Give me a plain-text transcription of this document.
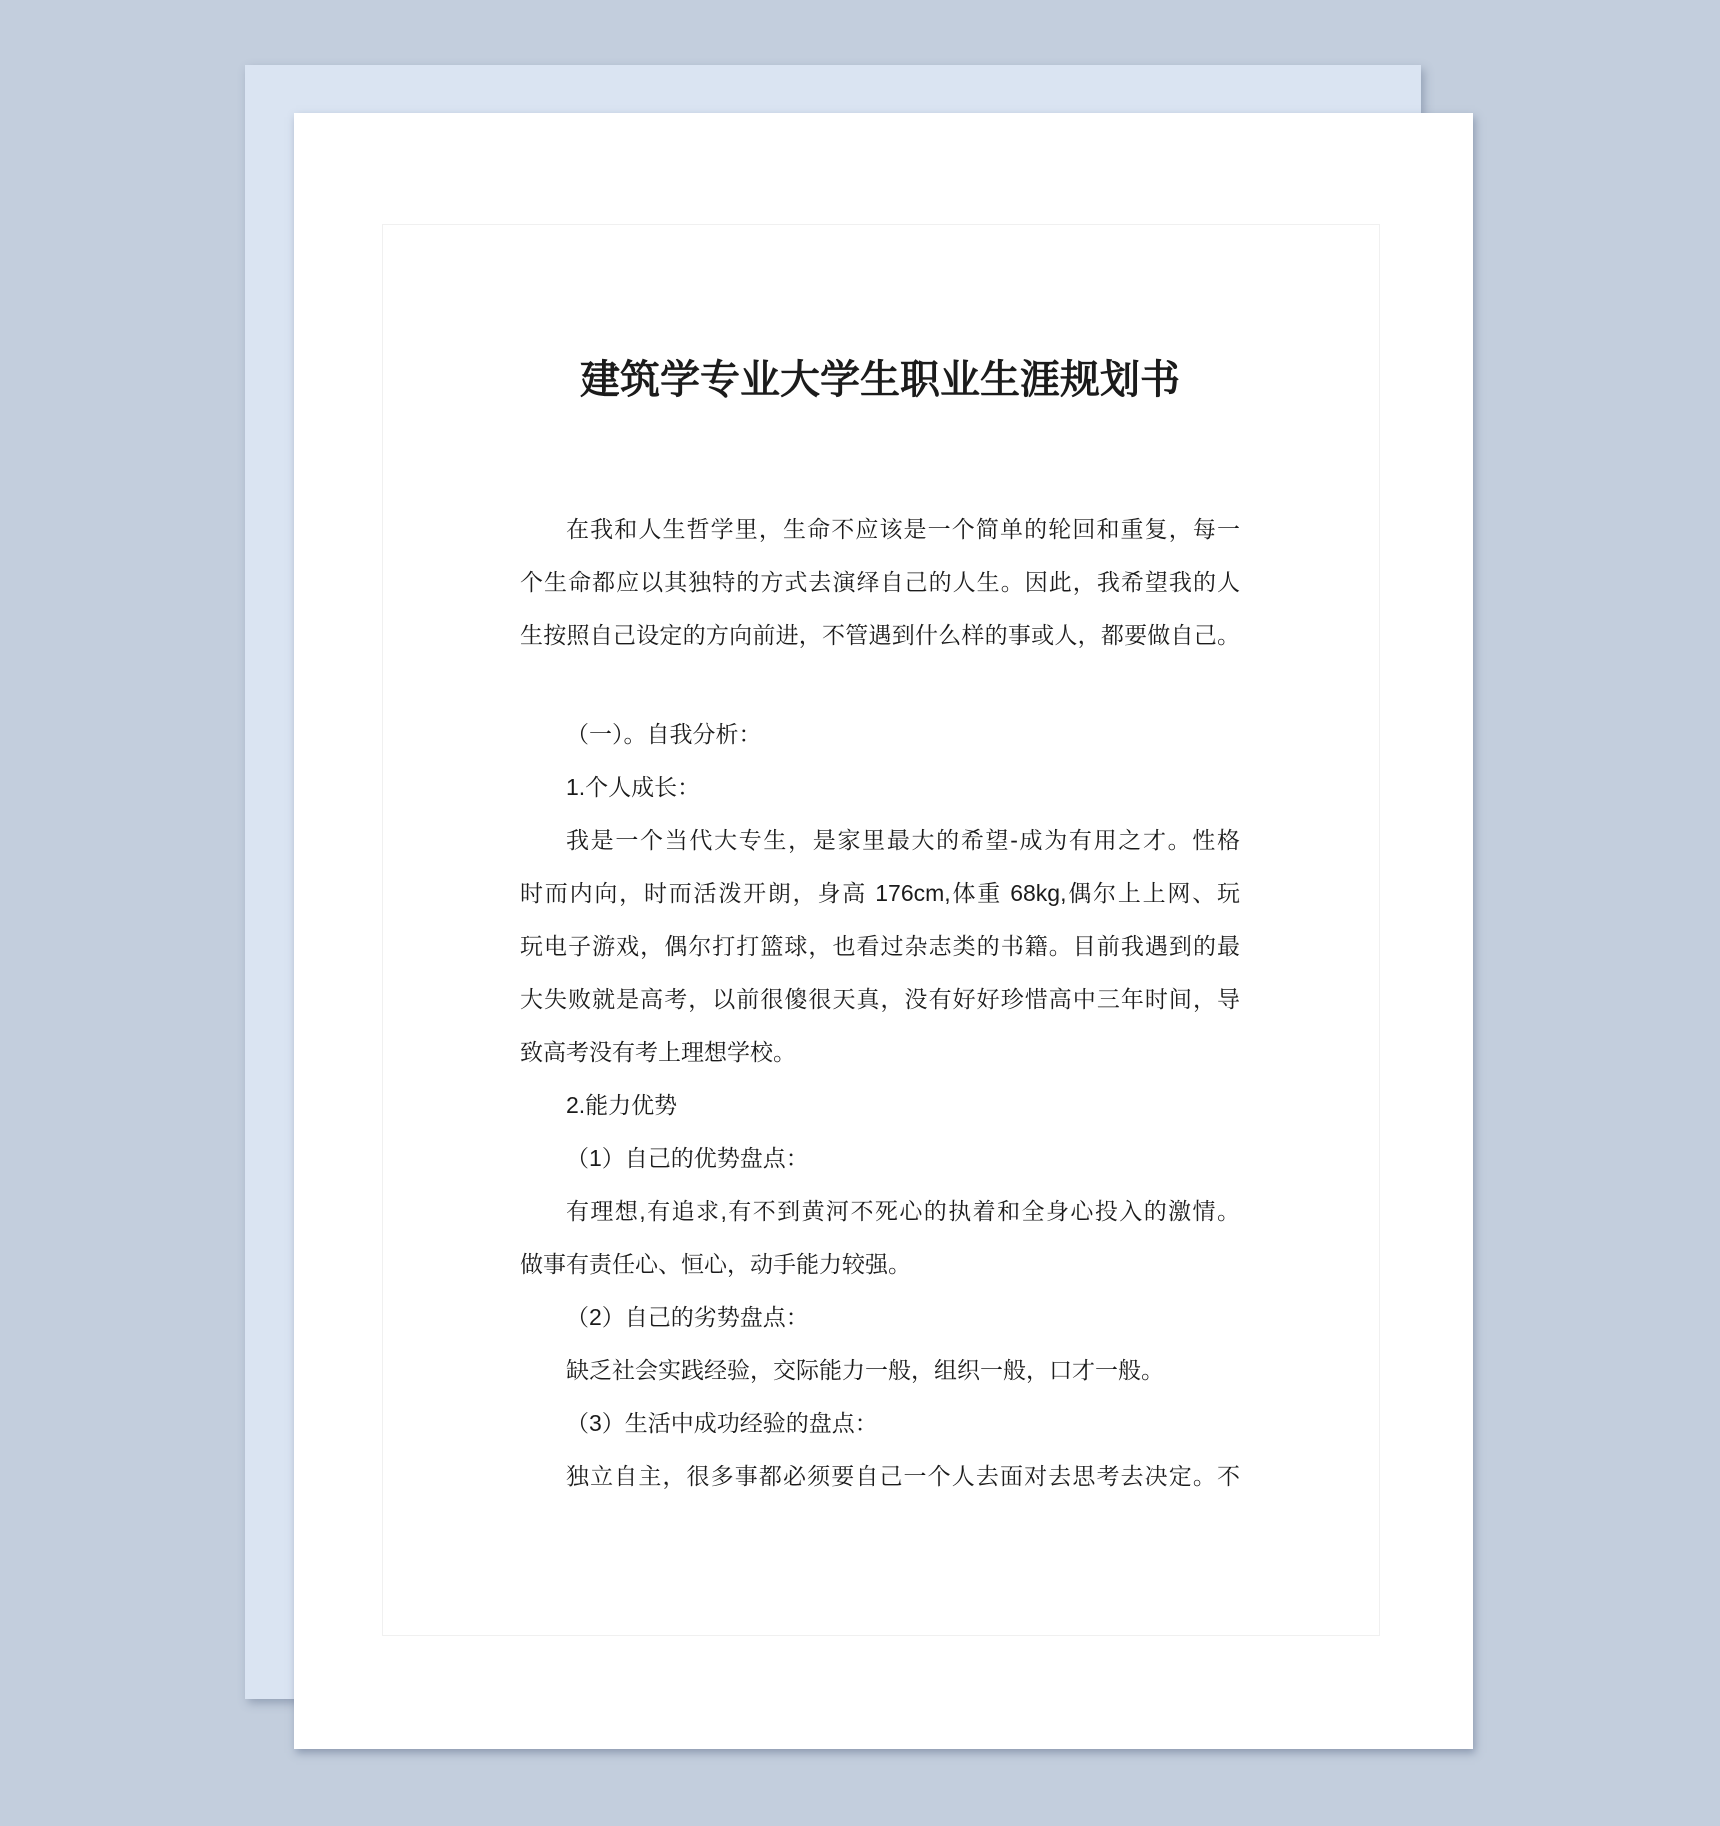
建筑学专业大学生职业生涯规划书
在我和人生哲学里，生命不应该是一个简单的轮回和重复，每一
个生命都应以其独特的方式去演绎自己的人生。因此，我希望我的人
生按照自己设定的方向前进，不管遇到什么样的事或人，都要做自己。
（一）。自我分析：
1.个人成长：
我是一个当代大专生，是家里最大的希望-成为有用之才。性格
时而内向，时而活泼开朗，身高 176cm,体重 68kg,偶尔上上网、玩
玩电子游戏，偶尔打打篮球，也看过杂志类的书籍。目前我遇到的最
大失败就是高考，以前很傻很天真，没有好好珍惜高中三年时间，导
致高考没有考上理想学校。
2.能力优势
（1）自己的优势盘点：
有理想,有追求,有不到黄河不死心的执着和全身心投入的激情。
做事有责任心、恒心，动手能力较强。
（2）自己的劣势盘点：
缺乏社会实践经验，交际能力一般，组织一般，口才一般。
（3）生活中成功经验的盘点：
独立自主，很多事都必须要自己一个人去面对去思考去决定。不
